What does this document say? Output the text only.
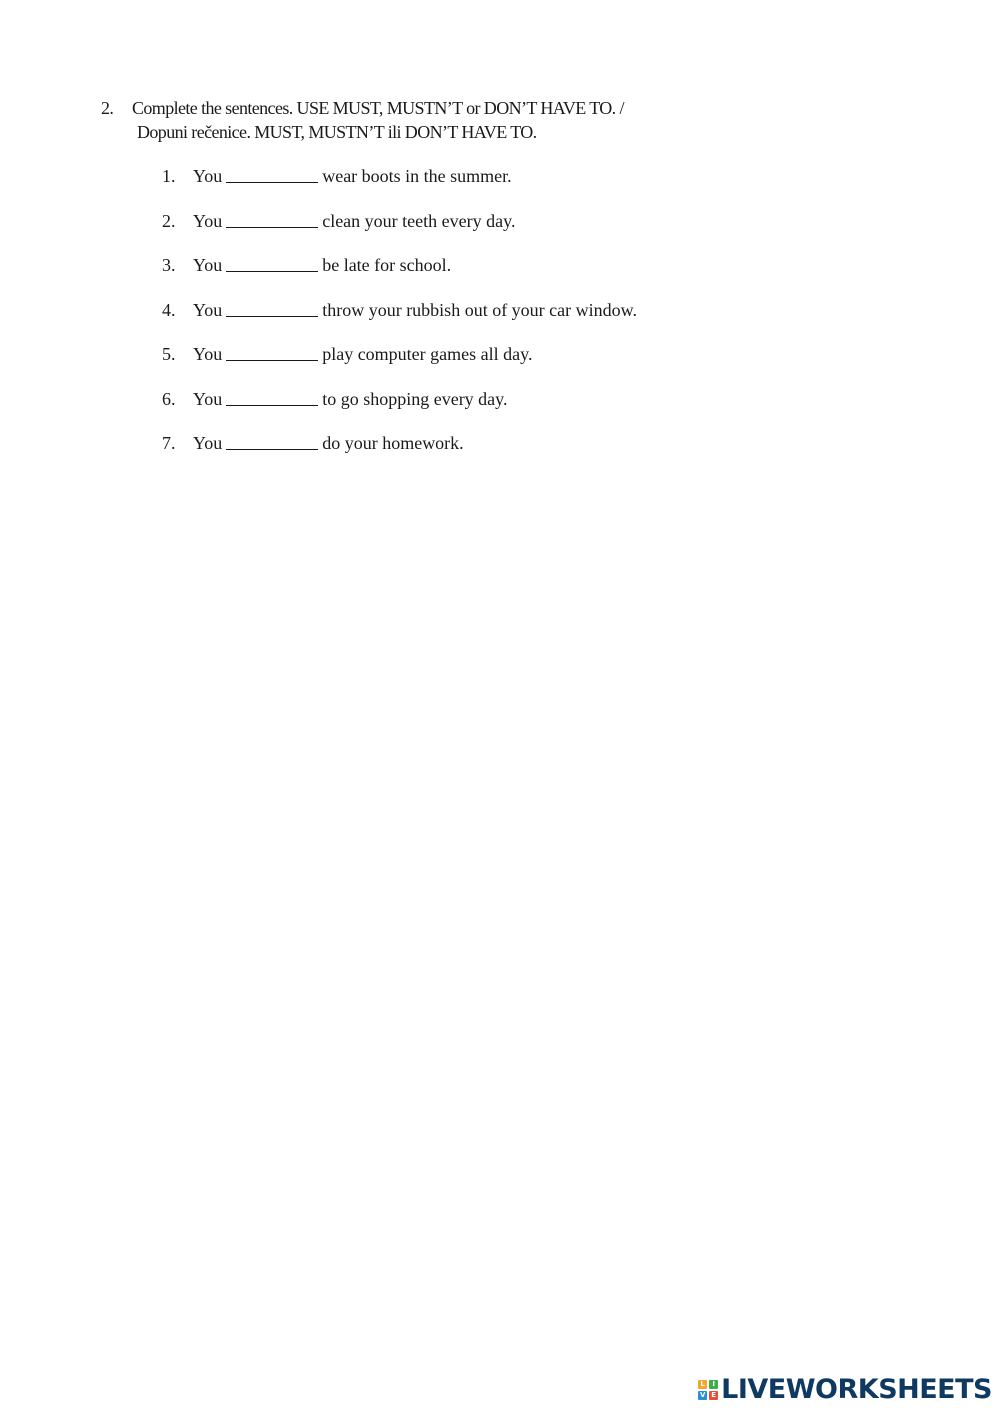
2.	Complete the sentences. USE MUST, MUSTN’T or DON’T HAVE TO. /
Dopuni rečenice. MUST, MUSTN’T ili DON’T HAVE TO.
1. You	wear boots in the summer.
2. You	clean your teeth every day.
3. You	be late for school.
4. You	throw your rubbish out of your car window.
5. You	play computer games all day.
6. You	to go shopping every day.
7. You	do your homework.
L	I
V E LIVEWORKSHEETS
